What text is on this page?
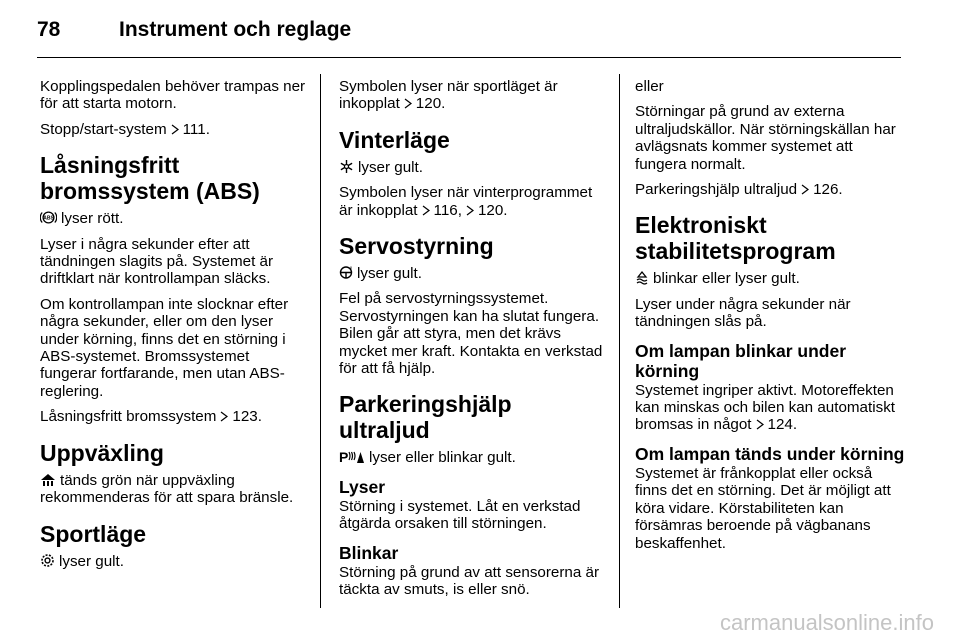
78	Instrument och reglage

Kopplingspedalen behöver trampas ner för att starta motorn.

Stopp/start-system 111.

Låsningsfritt bromssystem (ABS)

ABS lyser rött.

Lyser i några sekunder efter att tändningen slagits på. Systemet är driftklart när kontrollampan släcks.

Om kontrollampan inte slocknar efter några sekunder, eller om den lyser under körning, finns det en störning i ABS-systemet. Bromssystemet fungerar fortfarande, men utan ABS-reglering.

Låsningsfritt bromssystem 123.

Uppväxling

tänds grön när uppväxling rekommenderas för att spara bränsle.

Sportläge

lyser gult.

Symbolen lyser när sportläget är inkopplat 120.

Vinterläge

lyser gult.

Symbolen lyser när vinterprogrammet är inkopplat 116, 120.

Servostyrning

! lyser gult.

Fel på servostyrningssystemet. Servostyrningen kan ha slutat fungera. Bilen går att styra, men det krävs mycket mer kraft. Kontakta en verkstad för att få hjälp.

Parkeringshjälp ultraljud

P lyser eller blinkar gult.

Lyser

Störning i systemet. Låt en verkstad åtgärda orsaken till störningen.

Blinkar

Störning på grund av att sensorerna är täckta av smuts, is eller snö.

eller

Störningar på grund av externa ultraljudskällor. När störningskällan har avlägsnats kommer systemet att fungera normalt.

Parkeringshjälp ultraljud 126.

Elektroniskt stabilitetsprogram

blinkar eller lyser gult.

Lyser under några sekunder när tändningen slås på.

Om lampan blinkar under körning

Systemet ingriper aktivt. Motoreffekten kan minskas och bilen kan automatiskt bromsas in något 124.

Om lampan tänds under körning

Systemet är frånkopplat eller också finns det en störning. Det är möjligt att köra vidare. Körstabiliteten kan försämras beroende på vägbanans beskaffenhet.

carmanualsonline.info
